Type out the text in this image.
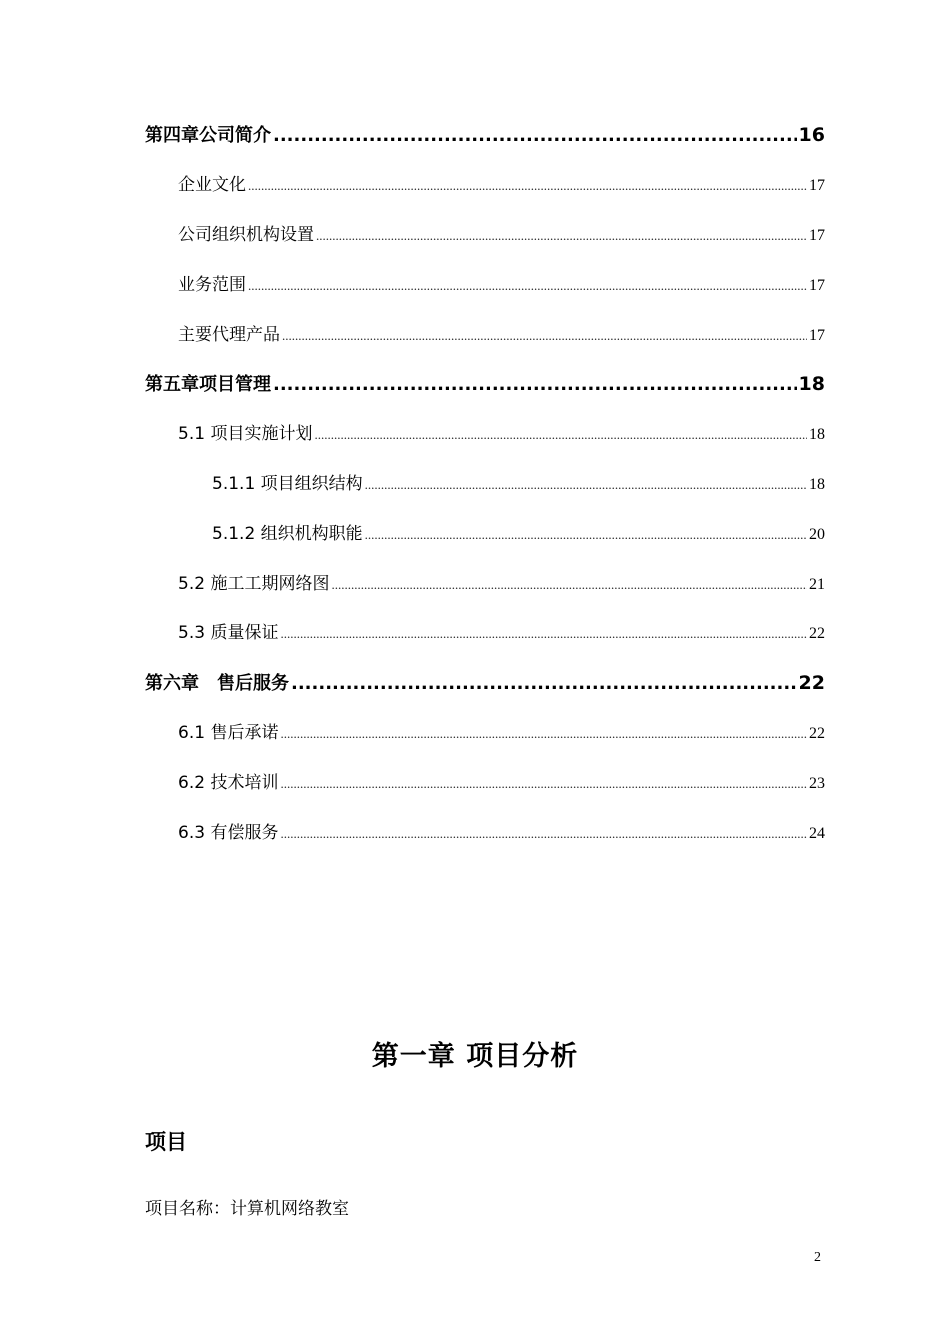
第四章公司简介 .....	16
企业文化 .....	17
公司组织机构设置 .....	17
业务范围 .....	17
主要代理产品 .....	17
第五章项目管理 .....	18
5.1 项目实施计划 .....	18
5.1.1 项目组织结构 .....	18
5.1.2 组织机构职能 .....	20
5.2 施工工期网络图 .....	21
5.3 质量保证 .....	22
第六章　售后服务 .....	22
6.1 售后承诺 .....	22
6.2 技术培训 .....	23
6.3 有偿服务 .....	24
第一章 项目分析
项目
项目名称：计算机网络教室
2
